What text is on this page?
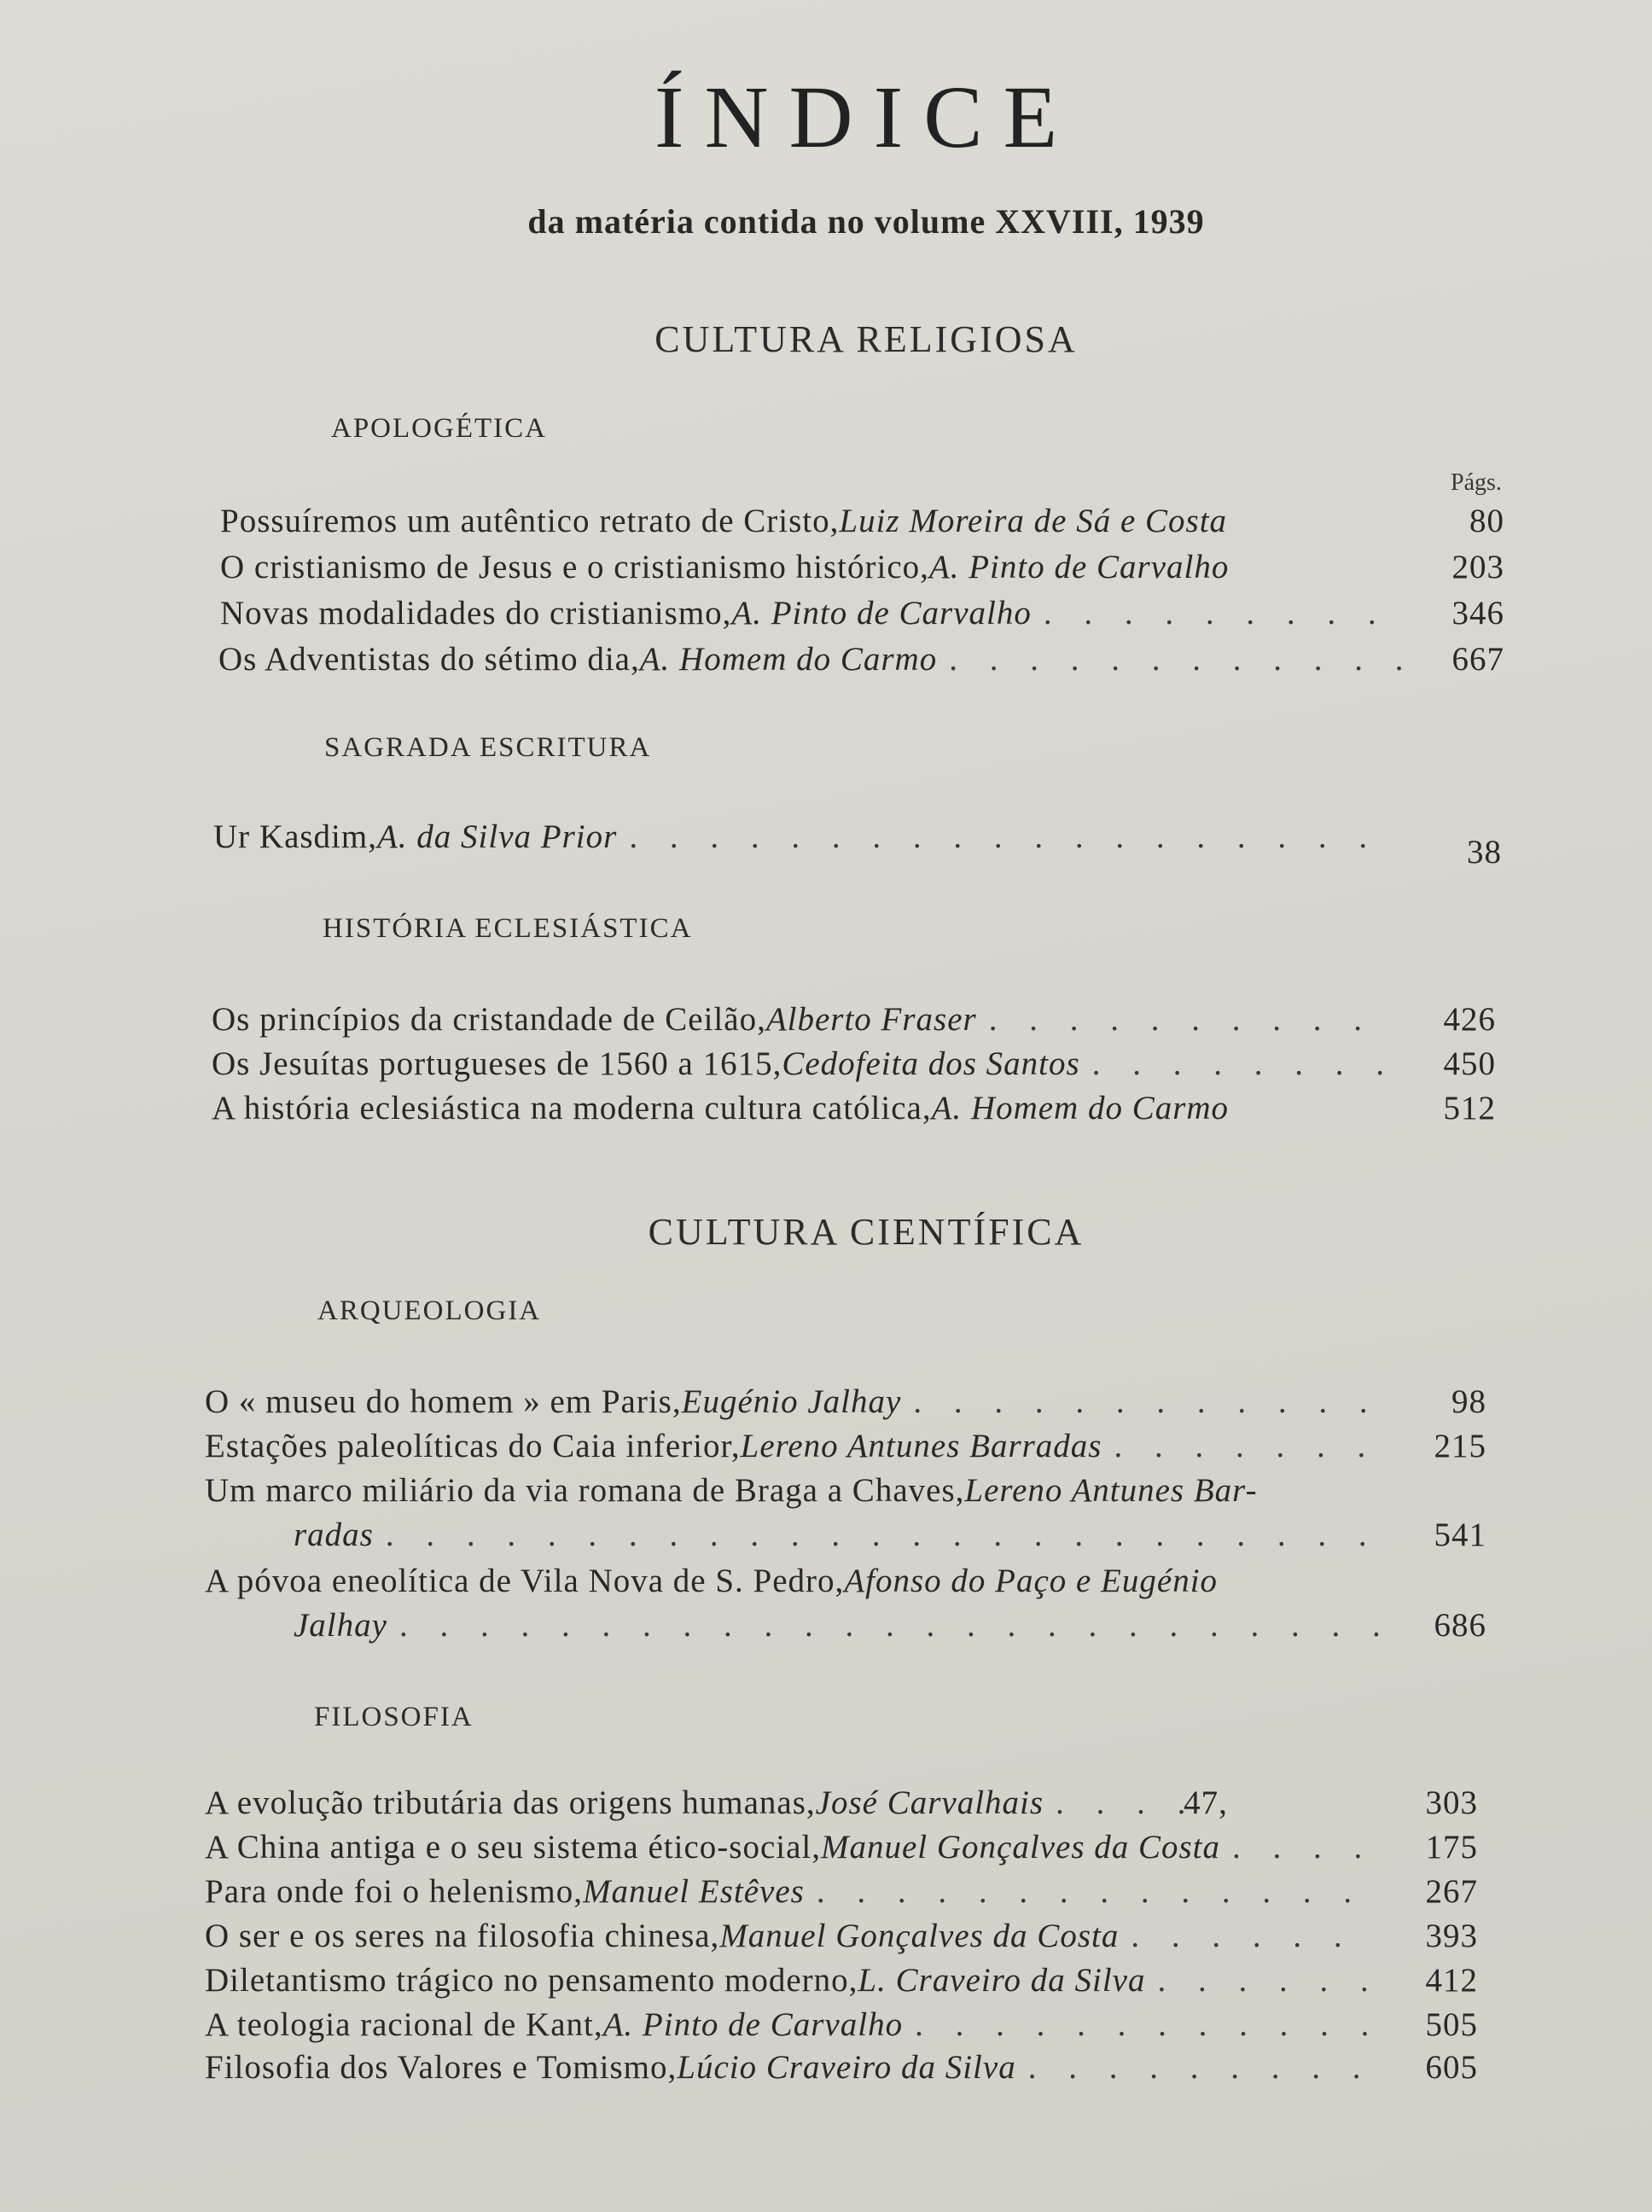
ÍNDICE
da matéria contida no volume XXVIII, 1939
CULTURA RELIGIOSA
APOLOGÉTICA
Págs.
Possuíremos um autêntico retrato de Cristo, Luiz Moreira de Sá e Costa	80
O cristianismo de Jesus e o cristianismo histórico, A. Pinto de Carvalho	203
Novas modalidades do cristianismo, A. Pinto de Carvalho . . .	346
Os Adventistas do sétimo dia, A. Homem do Carmo . . .	667
SAGRADA ESCRITURA
Ur Kasdim, A. da Silva Prior . . .	38
HISTÓRIA ECLESIÁSTICA
Os princípios da cristandade de Ceilão, Alberto Fraser . . .	426
Os Jesuítas portugueses de 1560 a 1615, Cedofeita dos Santos . . .	450
A história eclesiástica na moderna cultura católica, A. Homem do Carmo	512
CULTURA CIENTÍFICA
ARQUEOLOGIA
O « museu do homem » em Paris, Eugénio Jalhay . . .	98
Estações paleolíticas do Caia inferior, Lereno Antunes Barradas . . .	215
Um marco miliário da via romana de Braga a Chaves, Lereno Antunes Bar-
radas . . .	541
A póvoa eneolítica de Vila Nova de S. Pedro, Afonso do Paço e Eugénio
Jalhay . . .	686
FILOSOFIA
A evolução tributária das origens humanas, José Carvalhais . . .	47,	303
A China antiga e o seu sistema ético-social, Manuel Gonçalves da Costa . . .	175
Para onde foi o helenismo, Manuel Estêves . . .	267
O ser e os seres na filosofia chinesa, Manuel Gonçalves da Costa . . .	393
Diletantismo trágico no pensamento moderno, L. Craveiro da Silva . . .	412
A teologia racional de Kant, A. Pinto de Carvalho . . .	505
Filosofia dos Valores e Tomismo, Lúcio Craveiro da Silva . . .	605
